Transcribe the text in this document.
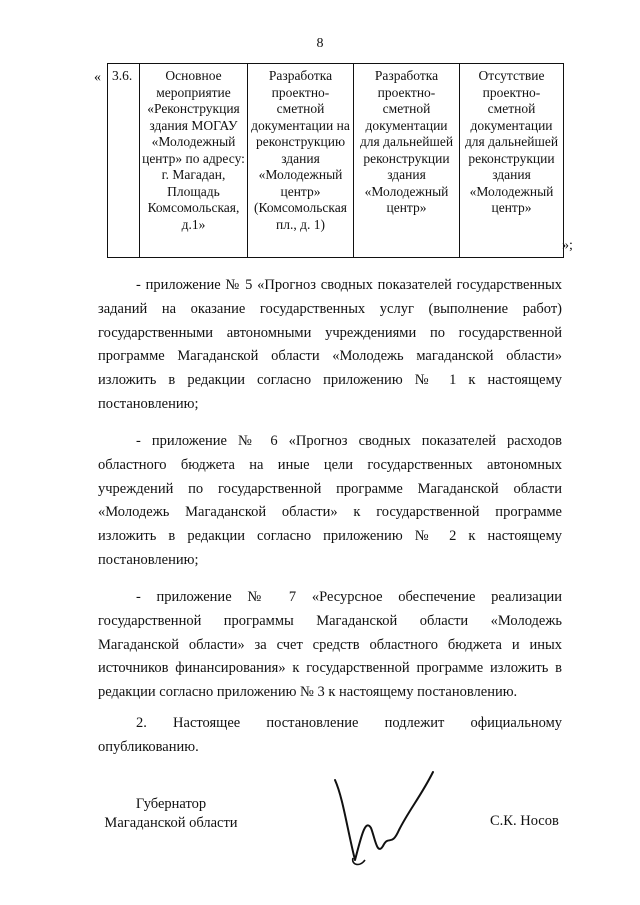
8
« 3.6.	Основное мероприятие «Реконструкция здания МОГАУ «Молодежный центр» по адресу: г. Магадан, Площадь Комсомольская, д.1»	Разработка проектно-сметной документации на реконструкцию здания «Молодежный центр» (Комсомольская пл., д. 1)	Разработка проектно-сметной документации для дальнейшей реконструкции здания «Молодежный центр»	Отсутствие проектно-сметной документации для дальнейшей реконструкции здания «Молодежный центр»
»;

- приложение № 5 «Прогноз сводных показателей государственных заданий на оказание государственных услуг (выполнение работ) государственными автономными учреждениями по государственной программе Магаданской области «Молодежь магаданской области» изложить в редакции согласно приложению № 1 к настоящему постановлению;

- приложение № 6 «Прогноз сводных показателей расходов областного бюджета на иные цели государственных автономных учреждений по государственной программе Магаданской области «Молодежь Магаданской области» к государственной программе изложить в редакции согласно приложению № 2 к настоящему постановлению;

- приложение № 7 «Ресурсное обеспечение реализации государственной программы Магаданской области «Молодежь Магаданской области» за счет средств областного бюджета и иных источников финансирования» к государственной программе изложить в редакции согласно приложению № 3 к настоящему постановлению.

2. Настоящее постановление подлежит официальному опубликованию.

Губернатор
Магаданской области	С.К. Носов
